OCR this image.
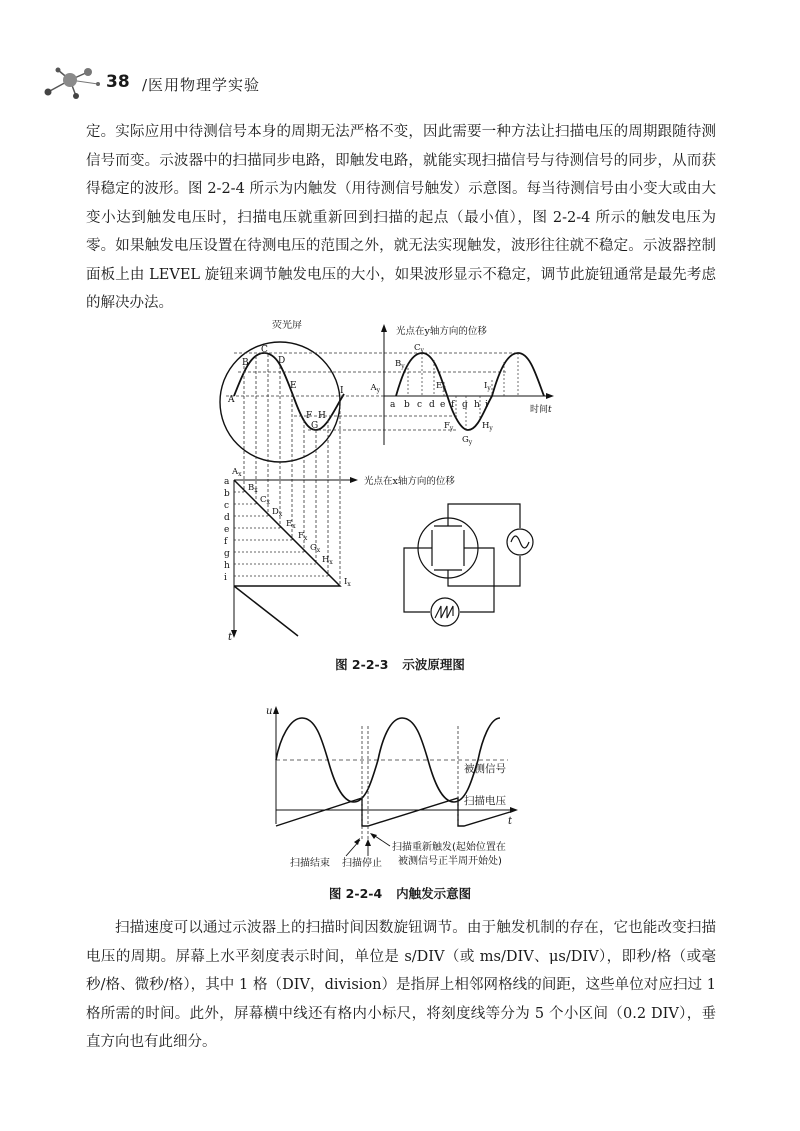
38 /医用物理学实验

定。实际应用中待测信号本身的周期无法严格不变，因此需要一种方法让扫描电压的周期跟随待测信号而变。示波器中的扫描同步电路，即触发电路，就能实现扫描信号与待测信号的同步，从而获得稳定的波形。图 2-2-4 所示为内触发（用待测信号触发）示意图。每当待测信号由小变大或由大变小达到触发电压时，扫描电压就重新回到扫描的起点（最小值），图 2-2-4 所示的触发电压为零。如果触发电压设置在待测电压的范围之外，就无法实现触发，波形往往就不稳定。示波器控制面板上由 LEVEL 旋钮来调节触发电压的大小，如果波形显示不稳定，调节此旋钮通常是最先考虑的解决办法。

荧光屏
A
B
C
D
E
F H
G
I
光点在y轴方向的位移
时间t
$A_y$
$B_y$
$C_y$
$E_y$
$F_y$
$G_y$
$H_y$
$I_y$
a b c d e f g h i
t
光点在x轴方向的位移
a
b
c
d
e
f
g
h
i
$A_x$
$B_x$
$C_x$
$D_x$
$E_x$
$F_x$
$G_x$
$H_x$
$I_x$
图 2-2-3 示波原理图
u
t
被测信号
扫描电压
扫描结束 扫描停止
扫描重新触发(起始位置在
被测信号正半周开始处)
图 2-2-4 内触发示意图

扫描速度可以通过示波器上的扫描时间因数旋钮调节。由于触发机制的存在，它也能改变扫描电压的周期。屏幕上水平刻度表示时间，单位是 s/DIV（或 ms/DIV、μs/DIV），即秒/格（或毫秒/格、微秒/格），其中 1 格（DIV，division）是指屏上相邻网格线的间距，这些单位对应扫过 1 格所需的时间。此外，屏幕横中线还有格内小标尺，将刻度线等分为 5 个小区间（0.2 DIV），垂直方向也有此细分。
